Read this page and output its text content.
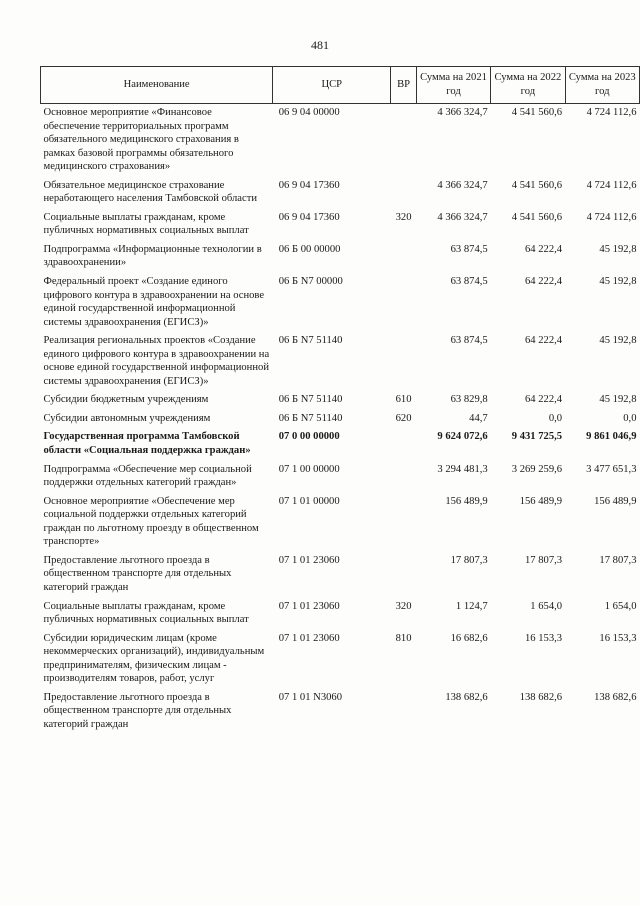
481
Наименование	ЦСР	ВР	Сумма на 2021 год	Сумма на 2022 год	Сумма на 2023 год
Основное мероприятие «Финансовое обеспечение территориальных программ обязательного медицинского страхования в рамках базовой программы обязательного медицинского страхования»	06 9 04 00000		4 366 324,7	4 541 560,6	4 724 112,6
Обязательное медицинское страхование неработающего населения Тамбовской области	06 9 04 17360		4 366 324,7	4 541 560,6	4 724 112,6
Социальные выплаты гражданам, кроме публичных нормативных социальных выплат	06 9 04 17360	320	4 366 324,7	4 541 560,6	4 724 112,6
Подпрограмма «Информационные технологии в здравоохранении»	06 Б 00 00000		63 874,5	64 222,4	45 192,8
Федеральный проект «Создание единого цифрового контура в здравоохранении на основе единой государственной информационной системы здравоохранения (ЕГИСЗ)»	06 Б N7 00000		63 874,5	64 222,4	45 192,8
Реализация региональных проектов «Создание единого цифрового контура в здравоохранении на основе единой государственной информационной системы здравоохранения (ЕГИСЗ)»	06 Б N7 51140		63 874,5	64 222,4	45 192,8
Субсидии бюджетным учреждениям	06 Б N7 51140	610	63 829,8	64 222,4	45 192,8
Субсидии автономным учреждениям	06 Б N7 51140	620	44,7	0,0	0,0
Государственная программа Тамбовской области «Социальная поддержка граждан»	07 0 00 00000		9 624 072,6	9 431 725,5	9 861 046,9
Подпрограмма «Обеспечение мер социальной поддержки отдельных категорий граждан»	07 1 00 00000		3 294 481,3	3 269 259,6	3 477 651,3
Основное мероприятие «Обеспечение мер социальной поддержки отдельных категорий граждан по льготному проезду в общественном транспорте»	07 1 01 00000		156 489,9	156 489,9	156 489,9
Предоставление льготного проезда в общественном транспорте для отдельных категорий граждан	07 1 01 23060		17 807,3	17 807,3	17 807,3
Социальные выплаты гражданам, кроме публичных нормативных социальных выплат	07 1 01 23060	320	1 124,7	1 654,0	1 654,0
Субсидии юридическим лицам (кроме некоммерческих организаций), индивидуальным предпринимателям, физическим лицам - производителям товаров, работ, услуг	07 1 01 23060	810	16 682,6	16 153,3	16 153,3
Предоставление льготного проезда в общественном транспорте для отдельных категорий граждан	07 1 01 N3060		138 682,6	138 682,6	138 682,6
